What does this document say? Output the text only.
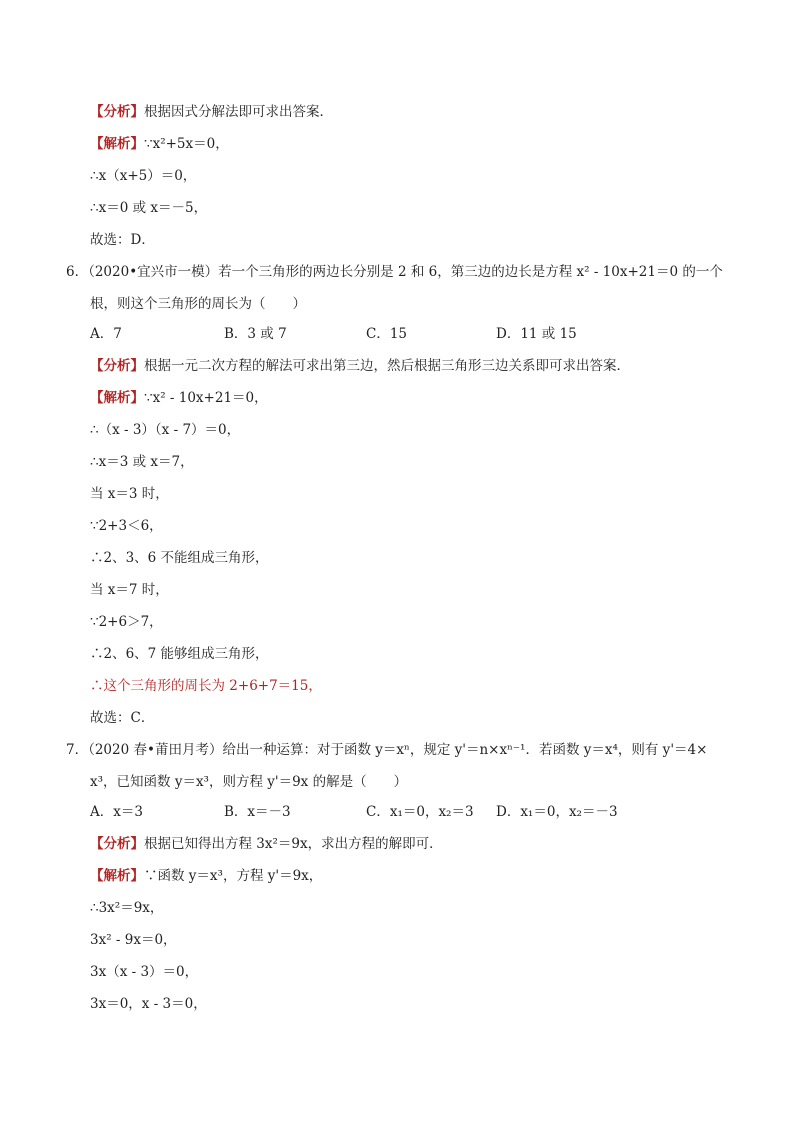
【分析】根据因式分解法即可求出答案．
【解析】∵x²+5x＝0，
∴x（x+5）＝0，
∴x＝0 或 x＝－5，
故选：D．
6．（2020•宜兴市一模）若一个三角形的两边长分别是 2 和 6，第三边的边长是方程 x² - 10x+21＝0 的一个
根，则这个三角形的周长为（　　）
A．7	B．3 或 7	C．15	D．11 或 15
【分析】根据一元二次方程的解法可求出第三边，然后根据三角形三边关系即可求出答案．
【解析】∵x² - 10x+21＝0，
∴（x - 3）（x - 7）＝0，
∴x＝3 或 x＝7，
当 x＝3 时，
∵2+3＜6，
∴2、3、6 不能组成三角形，
当 x＝7 时，
∵2+6＞7，
∴2、6、7 能够组成三角形，
∴这个三角形的周长为 2+6+7＝15，
故选：C．
7．（2020 春•莆田月考）给出一种运算：对于函数 y＝xⁿ，规定 y'＝n×xⁿ⁻¹．若函数 y＝x⁴，则有 y'＝4×
x³，已知函数 y＝x³，则方程 y'＝9x 的解是（　　）
A．x＝3	B．x＝－3	C．x₁＝0，x₂＝3 D．x₁＝0，x₂＝－3
【分析】根据已知得出方程 3x²＝9x，求出方程的解即可．
【解析】∵函数 y＝x³，方程 y'＝9x，
∴3x²＝9x，
3x² - 9x＝0，
3x（x - 3）＝0，
3x＝0，x - 3＝0，
